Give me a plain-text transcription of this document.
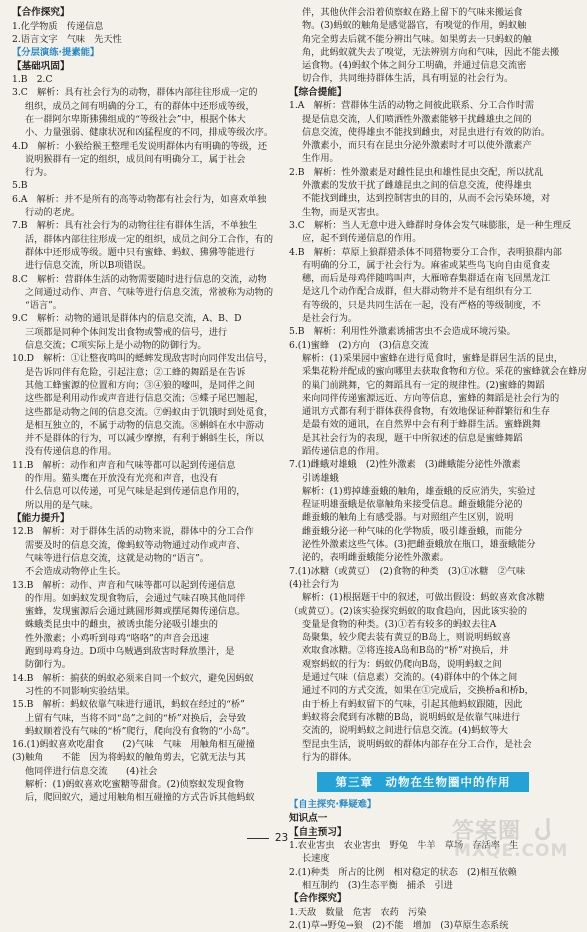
【合作探究】
1.化学物质　传递信息
2.语言文字　气味　先天性
【分层演练·提素能】
【基础巩固】
1.B　2.C
3.C　解析：具有社会行为的动物，群体内部往往形成一定的
组织，成员之间有明确的分工，有的群体中还形成等级，
在一群阿尔卑斯狒狒组成的“等级社会”中，根据个体大
小、力量强弱、健康状况和凶猛程度的不同，排成等级次序。
4.D　解析：小猴给猴王整理毛发说明群体内有明确的等级，还
说明猴群有一定的组织，成员间有明确分工，属于社会
行为。
5.B
6.A　解析：并不是所有的高等动物都有社会行为，如喜欢单独
行动的老虎。
7.B　解析：具有社会行为的动物往往有群体生活，不单独生
活，群体内部往往形成一定的组织，成员之间分工合作，有的
群体中还形成等级。题中只有蜜蜂、蚂蚁、狒狒等能进行
进行信息交流，所以B项错误。
8.C　解析：营群体生活的动物需要随时进行信息的交流，动物
之间通过动作、声音、气味等进行信息交流，常被称为动物的
“语言”。
9.C　解析：动物的通讯是群体内的信息交流，A、B、D
三项都是同种个体间发出食物或警戒的信号，进行
信息交流；C项实际上是小动物的防御行为。
10.D　解析：①让整夜鸣叫的蟋蟀发现敌害时向同伴发出信号，
是告诉同伴有危险，引起注意；②工蜂的舞蹈是在告诉
其他工蜂蜜源的位置和方向；③④狼的嚎叫，是同伴之间
这些都是利用动作或声音进行信息交流；⑤蝶子尾巴翘起，
这些都是动物之间的信息交流。⑦蚂蚁由于饥饿时到处觅食，
是相互独立的，不属于动物的信息交流。⑧蝌蚪在水中游动
并不是群体的行为，可以减少摩擦，有利于蝌蚪生长，所以
没有传递信息的作用。
11.B　解析：动作和声音和气味等都可以起到传递信息
的作用。猫头鹰在开放没有光亮和声音，也没有
什么信息可以传递，可见气味是起到传递信息作用的，
所以用的是气味。
【能力提升】
12.B　解析：对于群体生活的动物来说，群体中的分工合作
需要及时的信息交流，像蚂蚁等动物通过动作或声音、
气味等进行信息交流，这就是动物的“语言”。
不会造成动物停止生长。
13.B　解析：动作、声音和气味等都可以起到传递信息
的作用。如蚂蚁发现食物后，会通过气味召唤其他同伴
蜜蜂，发现蜜源后会通过跳圆形舞或摆尾舞传递信息。
蛛蛾类昆虫中的雌虫，被诱虫能分泌吸引雄虫的
性外激素；小鸡听到母鸡“咯咯”的声音会迅速
跑到母鸡身边。D项中乌贼遇到敌害时释放墨汁，是
防御行为。
14.B　解析：掮获的蚂蚁必须来自同一个蚁穴，避免因蚂蚁
习性的不同影响实验结果。
15.B　解析：蚂蚁依靠气味进行通讯，蚂蚁在经过的“桥”
上留有气味，当将不同“岛”之间的“桥”对换后，会导致
蚂蚁顺着没有气味的“桥”爬行，爬向没有食物的“小岛”。
16.(1)蚂蚁喜欢吃甜食　　(2)气味　气味　用触角相互碰撞
(3)触角　　不能　因为将蚂蚁的触角剪去，它就无法与其
他同伴进行信息交流　　(4)社会
解析：(1)蚂蚁喜欢吃蜜糖等甜食。(2)侦察蚁发现食物
后，爬回蚁穴，通过用触角相互碰撞的方式告诉其他蚂蚁
伴，其他伙伴会沿着侦察蚁在路上留下的气味来搬运食
物。(3)蚂蚁的触角是感觉器官，有嗅觉的作用，蚂蚁触
角完全剪去后就不能分辨出气味。如果剪去一只蚂蚁的触
角，此蚂蚁就失去了嗅觉，无法辨别方向和气味，因此不能去搬
运食物。(4)蚂蚁个体之间分工明确，并通过信息交流密
切合作，共同维持群体生活，具有明显的社会行为。
【综合提能】
1.A　解析：营群体生活的动物之间彼此联系、分工合作时需
提是信息交流，人们喷洒性外激素能够干扰雌雄虫之间的
信息交流，使得雄虫不能找到雌虫，对昆虫进行有效的防治。
外激素小，而只有在昆虫分泌外激素时才可以使外激素产
生作用。
2.B　解析：性外激素是对雌性昆虫和雄性昆虫交配，所以扰乱
外激素的发放干扰了雌雄昆虫之间的信息交流，使得雄虫
不能找到雌虫，达到控制害虫的目的，从而不会污染环境，对
生物，而是灭害虫。
3.C　解析：当人无意中进入蜂群时身体会发气味膨胀，是一种生理反
应，起不到传递信息的作用。
4.B　解析：草原上狼群猎杀体不同猎物要分工合作，表明狼群内部
有明确的分工，属于社会行为。麻雀或某些鸟飞向自由觅食麦
穗，而后是母鸡伴随鸣叫声，大雁啼春集群适在南飞回黑龙江
是这几个动作配合成群，但大群动物并不是有组织有分工
有等级的，只是共同生活在一起，没有严格的等级制度，不
是社会行为。
5.B　解析：利用性外激素诱捕害虫不会造成环境污染。
6.(1)蜜蜂　(2)方向　(3)信息交流
解析：(1)采果园中蜜蜂在进行觅食时，蜜蜂是群居生活的昆虫，
采集花粉并配成的蜜向哪里去获取食物和方位。采花的蜜蜂就会在蜂房
的巢门前跳舞，它的舞蹈具有一定的规律性。(2)蜜蜂的舞蹈
来向同伴传递蜜源远近、方向等信息，蜜蜂的舞蹈是社会行为的
通讯方式都有利于群体获得食物，有效地保证种群繁衍和生存
是最有效的通讯，在自然界中会有利于蜂群生活。蜜蜂跳舞
是其社会行为的表现，题干中所叙述的信息是蜜蜂舞蹈
蹈传递信息的作用。
7.(1)雌蛾对雄蛾　(2)性外激素　(3)雌蛾能分泌性外激素
引诱雄蛾
解析：(1)剪掉雄蚕蛾的触角，雄蚕蛾的反应消失，实验过
程证明雄蚕蛾是依靠触角来接受信息。雌蚕蛾能分泌的
雌蚕蛾的触角上有感受器。与对照组产生区别，说明
雌蚕蛾分泌一种气味的化学物质，吸引雄蚕蛾，而能分
泌性外激素这些气体。(3)把雌蚕蛾放在瓶口，雄蚕蛾能分
泌的，表明雌蚕蛾能分泌性外激素。
7.(1)冰糖（或黄豆）　(2)食物的种类　(3)①冰糖　②气味
(4)社会行为
解析：(1)根据题干中的叙述，可做出假设：蚂蚁喜欢食冰糖
（或黄豆）。(2)该实验探究蚂蚁的取食趋向，因此该实验的
变量是食物的种类。(3)①若有较多的蚂蚁去往A
岛聚集，较少爬去装有黄豆的B岛上，则说明蚂蚁喜
欢取食冰糖。②将连接A岛和B岛的“桥”对换后，并
观察蚂蚁的行为：蚂蚁仍爬向B岛，说明蚂蚁之间
是通过气味（信息素）交流的。(4)群体中的个体之间
通过不同的方式交流，如果在①完成后，交换桥a和桥b，
由于桥上有蚂蚁留下的气味，引起其他蚂蚁跟随，因此
蚂蚁将会爬到有冰糖的B岛，说明蚂蚁是依靠气味进行
交流的，说明蚂蚁之间进行信息交流。(4)蚂蚁等大
型昆虫生活，说明蚂蚁的群体内部存在分工合作，是社会
行为的群体。
第三章　动物在生物圈中的作用
【自主探究·释疑难】
知识点一
【自主预习】
1.农业害虫　农业害虫　野兔　牛羊　草场　存活率　生
长速度
2.(1)种类　所占的比例　相对稳定的状态　(2)相互依赖
相互制约　(3)生态平衡　捕杀　引进
【合作探究】
1.天敌　数量　危害　农药　污染
2.(1)草→野兔→狼　(2)不能　增加　(3)草原生态系统
23	答案圈
MXQE.COM
